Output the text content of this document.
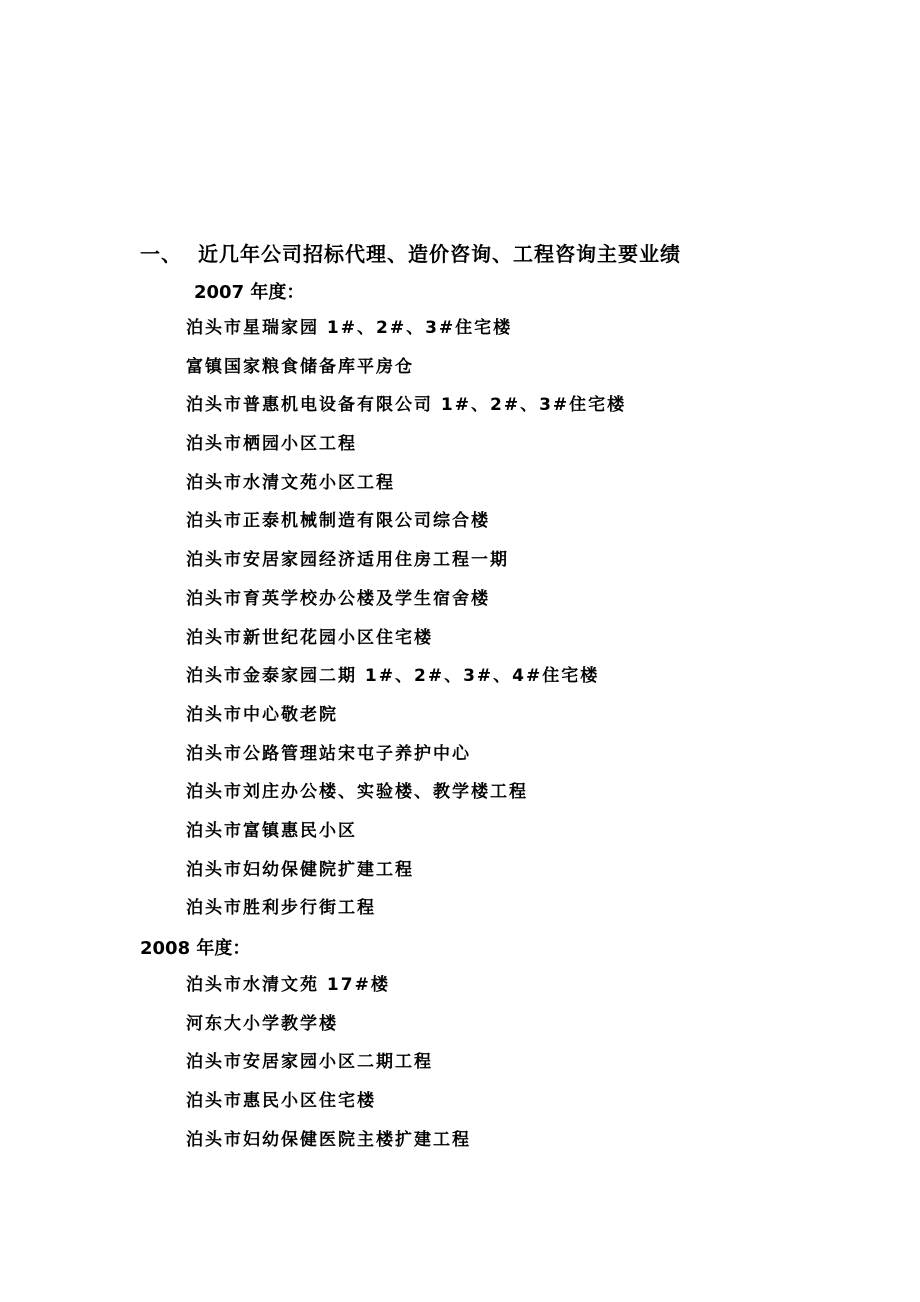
一、 近几年公司招标代理、造价咨询、工程咨询主要业绩
2007 年度：
泊头市星瑞家园 1#、2#、3#住宅楼
富镇国家粮食储备库平房仓
泊头市普惠机电设备有限公司 1#、2#、3#住宅楼
泊头市栖园小区工程
泊头市水清文苑小区工程
泊头市正泰机械制造有限公司综合楼
泊头市安居家园经济适用住房工程一期
泊头市育英学校办公楼及学生宿舍楼
泊头市新世纪花园小区住宅楼
泊头市金泰家园二期 1#、2#、3#、4#住宅楼
泊头市中心敬老院
泊头市公路管理站宋屯子养护中心
泊头市刘庄办公楼、实验楼、教学楼工程
泊头市富镇惠民小区
泊头市妇幼保健院扩建工程
泊头市胜利步行街工程
2008 年度：
泊头市水清文苑 17#楼
河东大小学教学楼
泊头市安居家园小区二期工程
泊头市惠民小区住宅楼
泊头市妇幼保健医院主楼扩建工程
